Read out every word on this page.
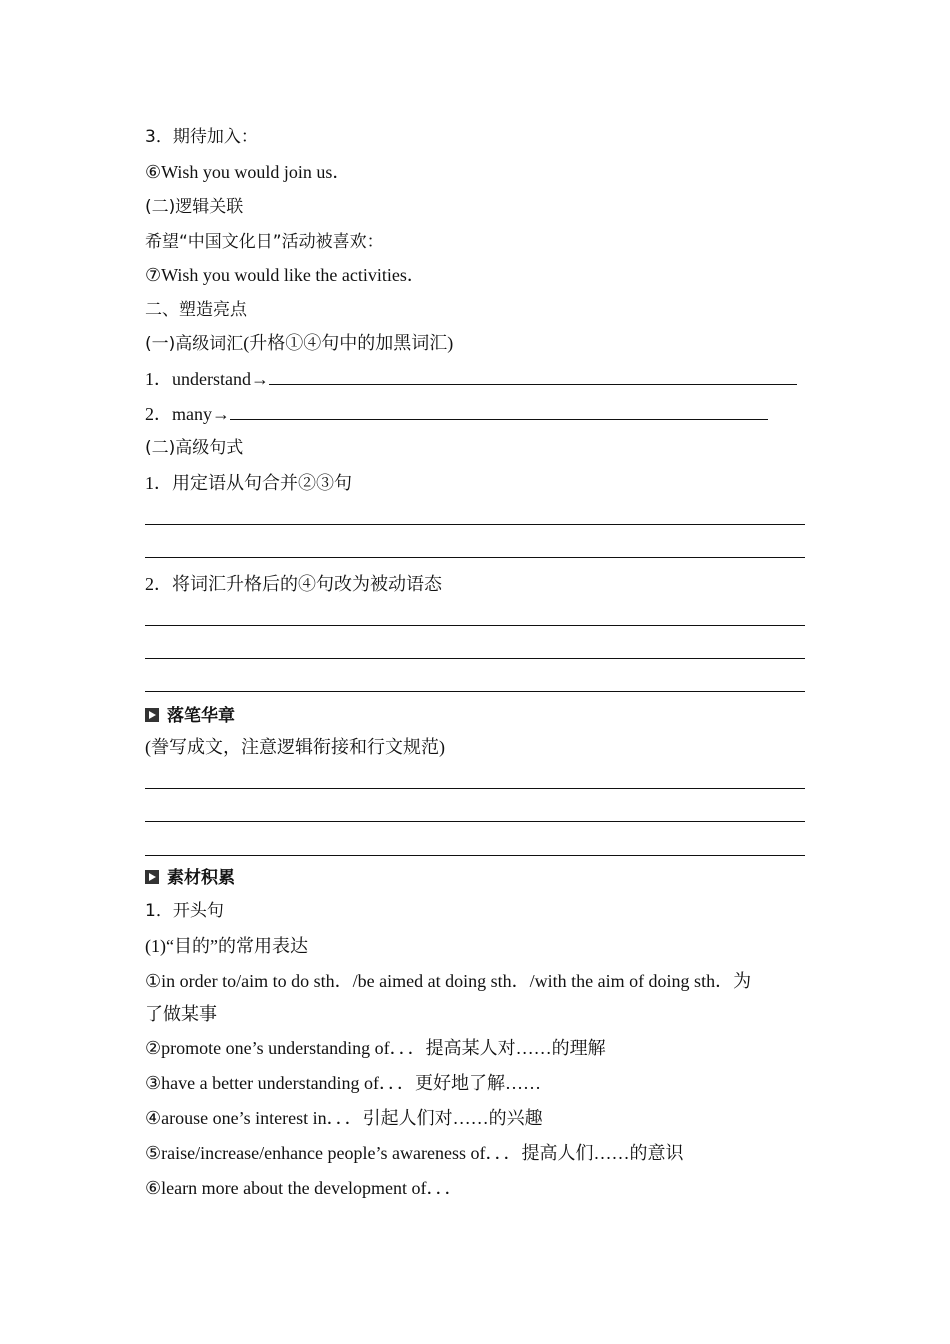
3．期待加入：

⑥Wish you would join us．

(二)逻辑关联

希望“中国文化日”活动被喜欢：

⑦Wish you would like the activities．

二、塑造亮点

(一)高级词汇(升格①④句中的加黑词汇)

1．understand→

2．many→

(二)高级句式

1．用定语从句合并②③句

2．将词汇升格后的④句改为被动语态

落笔华章

(誊写成文，注意逻辑衔接和行文规范)

素材积累

1．开头句

(1)“目的”的常用表达

①in order to/aim to do sth．/be aimed at doing sth．/with the aim of doing sth．为

了做某事

②promote one’s understanding of．．．提高某人对……的理解

③have a better understanding of．．．更好地了解……

④arouse one’s interest in．．．引起人们对……的兴趣

⑤raise/increase/enhance people’s awareness of．．．提高人们……的意识

⑥learn more about the development of．．．
